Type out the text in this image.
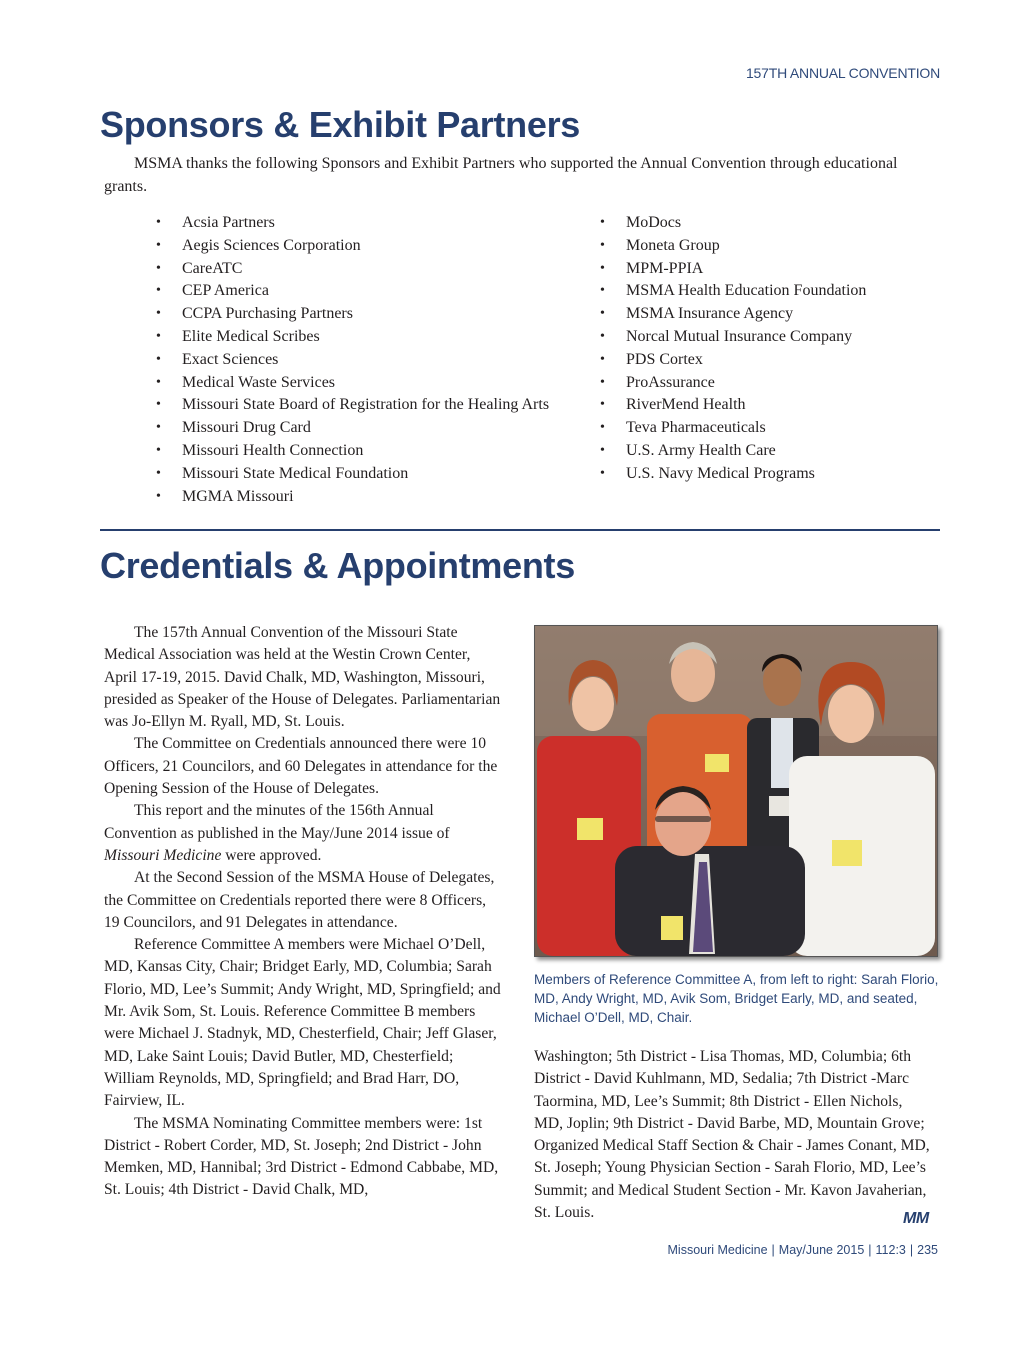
157TH ANNUAL CONVENTION
Sponsors & Exhibit Partners

MSMA thanks the following Sponsors and Exhibit Partners who supported the Annual Convention through educational grants.

• Acsia Partners
• Aegis Sciences Corporation
• CareATC
• CEP America
• CCPA Purchasing Partners
• Elite Medical Scribes
• Exact Sciences
• Medical Waste Services
• Missouri State Board of Registration for the Healing Arts
• Missouri Drug Card
• Missouri Health Connection
• Missouri State Medical Foundation
• MGMA Missouri
• MoDocs
• Moneta Group
• MPM-PPIA
• MSMA Health Education Foundation
• MSMA Insurance Agency
• Norcal Mutual Insurance Company
• PDS Cortex
• ProAssurance
• RiverMend Health
• Teva Pharmaceuticals
• U.S. Army Health Care
• U.S. Navy Medical Programs
Credentials & Appointments

The 157th Annual Convention of the Missouri State Medical Association was held at the Westin Crown Center, April 17-19, 2015. David Chalk, MD, Washington, Missouri, presided as Speaker of the House of Delegates. Parliamentarian was Jo-Ellyn M. Ryall, MD, St. Louis.

The Committee on Credentials announced there were 10 Officers, 21 Councilors, and 60 Delegates in attendance for the Opening Session of the House of Delegates.

This report and the minutes of the 156th Annual Convention as published in the May/June 2014 issue of Missouri Medicine were approved.

At the Second Session of the MSMA House of Delegates, the Committee on Credentials reported there were 8 Officers, 19 Councilors, and 91 Delegates in attendance.

Reference Committee A members were Michael O’Dell, MD, Kansas City, Chair; Bridget Early, MD, Columbia; Sarah Florio, MD, Lee’s Summit; Andy Wright, MD, Springfield; and Mr. Avik Som, St. Louis. Reference Committee B members were Michael J. Stadnyk, MD, Chesterfield, Chair; Jeff Glaser, MD, Lake Saint Louis; David Butler, MD, Chesterfield; William Reynolds, MD, Springfield; and Brad Harr, DO, Fairview, IL.

The MSMA Nominating Committee members were: 1st District - Robert Corder, MD, St. Joseph; 2nd District - John Memken, MD, Hannibal; 3rd District - Edmond Cabbabe, MD, St. Louis; 4th District - David Chalk, MD,

Members of Reference Committee A, from left to right: Sarah Florio, MD, Andy Wright, MD, Avik Som, Bridget Early, MD, and seated, Michael O’Dell, MD, Chair.

Washington; 5th District - Lisa Thomas, MD, Columbia; 6th District - David Kuhlmann, MD, Sedalia; 7th District -Marc Taormina, MD, Lee’s Summit; 8th District - Ellen Nichols, MD, Joplin; 9th District - David Barbe, MD, Mountain Grove; Organized Medical Staff Section & Chair - James Conant, MD, St. Joseph; Young Physician Section - Sarah Florio, MD, Lee’s Summit; and Medical Student Section - Mr. Kavon Javaherian, St. Louis.	MM
Missouri Medicine | May/June 2015 | 112:3 | 235
